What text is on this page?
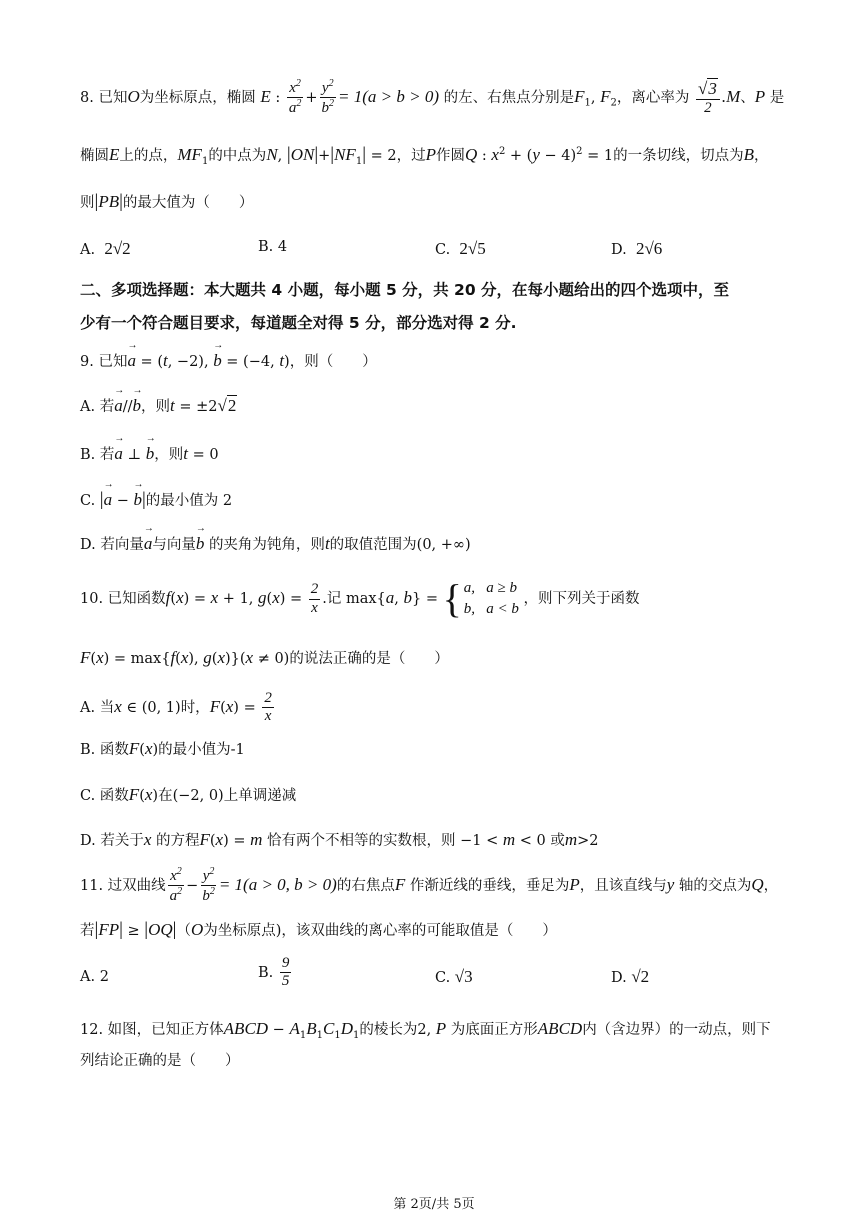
8. 已知O为坐标原点，椭圆 E : $\frac{x^2}{a^2} + \frac{y^2}{b^2} = 1(a > b > 0)$ 的左、右焦点分别是$F_1$, $F_2$，离心率为 $\frac{√3}{2} .M$、P 是
椭圆E上的点，$MF_1$的中点为N, $|ON|+|NF_1| = 2$，过P作圆Q : $x^2 + (y - 4)^2 = 1$的一条切线，切点为B，
则|PB|的最大值为（　　）
A. 2√2	B. 4	C. 2√5	D. 2√6
二、多项选择题：本大题共 4 小题，每小题 5 分，共 20 分，在每小题给出的四个选项中，至
少有一个符合题目要求，每道题全对得 5 分，部分选对得 2 分.
9. 已知→ a = (t, −2), → b = (−4, t)，则（　　）
A. 若→ a//→ b，则t = ±2√2
B. 若→ a ⊥ → b，则t = 0
C. |→ a − → b|的最小值为 2
D. 若向量→ a与向量→ b 的夹角为钝角，则t的取值范围为(0, +∞)
10. 已知函数f(x) = x + 1, $g(x) = \frac{2}{x}$ .记 max{a, b} = { a,   a ≥ b
b,   a < b
，则下列关于函数
F(x) = max{f(x), g(x)}(x ≠ 0)的说法正确的是（　　）
A. 当x ∈ (0, 1)时，$F(x) = \frac{2}{x}$
B. 函数F(x)的最小值为-1
C. 函数F(x)在(−2, 0)上单调递减
D. 若关于x 的方程F(x) = m 恰有两个不相等的实数根，则 −1 < m < 0 或m>2
11. 过双曲线 $\frac{x^2}{a^2} - \frac{y^2}{b^2} = 1(a > 0$, b > 0)的右焦点F 作渐近线的垂线，垂足为P，且该直线与y 轴的交点为Q，
若|FP| ≥ |OQ|（O为坐标原点)，该双曲线的离心率的可能取值是（　　）
A. 2	B. $\frac{9}{5}$	C. √3	D. √2
12. 如图，已知正方体ABCD − $A_1B_1C_1D_1$的棱长为2, P 为底面正方形ABCD内（含边界）的一动点，则下
列结论正确的是（　　）
第 2页/共 5页
